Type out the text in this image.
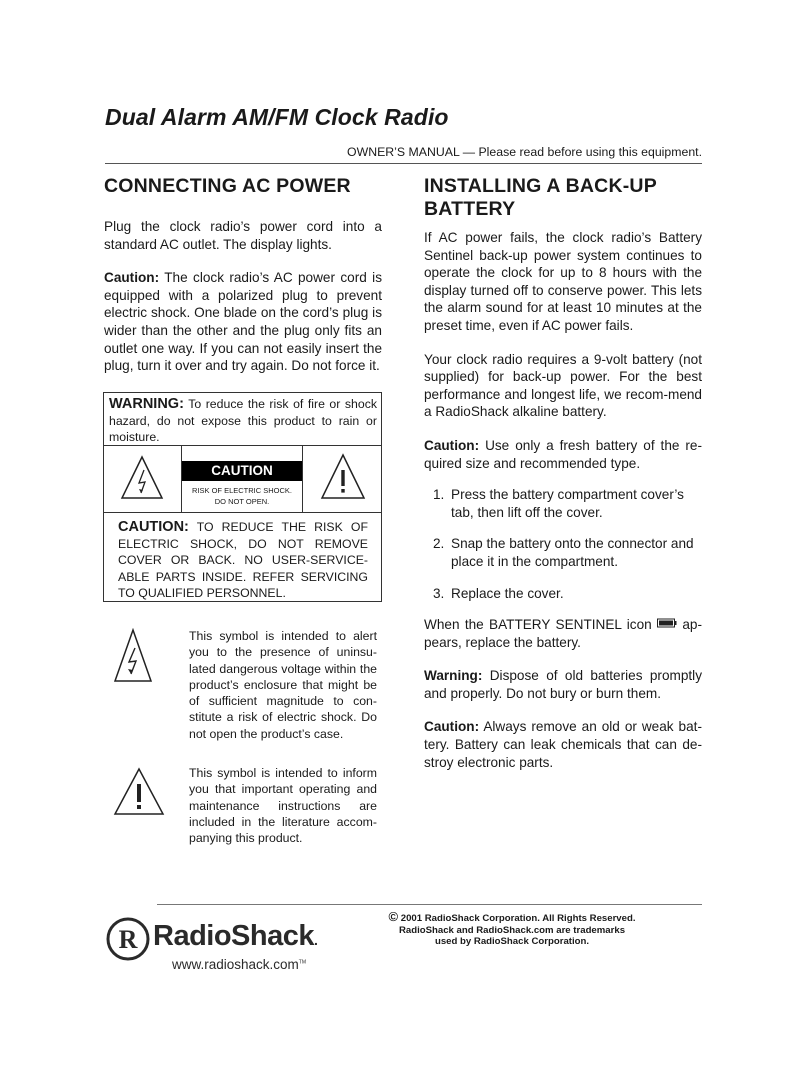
Dual Alarm AM/FM Clock Radio
OWNER’S MANUAL — Please read before using this equipment.
CONNECTING AC POWER

Plug the clock radio’s power cord into a standard AC outlet. The display lights.

Caution: The clock radio’s AC power cord is equipped with a polarized plug to prevent electric shock. One blade on the cord’s plug is wider than the other and the plug only fits an outlet one way. If you can not easily insert the plug, turn it over and try again. Do not force it.

WARNING: To reduce the risk of fire or shock hazard, do not expose this product to rain or moisture.
CAUTION
RISK OF ELECTRIC SHOCK.
DO NOT OPEN.
CAUTION: TO REDUCE THE RISK OF ELECTRIC SHOCK, DO NOT REMOVE COVER OR BACK. NO USER-SERVICE-ABLE PARTS INSIDE. REFER SERVICING TO QUALIFIED PERSONNEL.
This symbol is intended to alert you to the presence of uninsu-lated dangerous voltage within the product’s enclosure that might be of sufficient magnitude to con-stitute a risk of electric shock. Do not open the product’s case.
This symbol is intended to inform you that important operating and maintenance instructions are included in the literature accom-panying this product.
INSTALLING A BACK-UP BATTERY

If AC power fails, the clock radio’s Battery Sentinel back-up power system continues to operate the clock for up to 8 hours with the display turned off to conserve power. This lets the alarm sound for at least 10 minutes at the preset time, even if AC power fails.

Your clock radio requires a 9-volt battery (not supplied) for back-up power. For the best performance and longest life, we recom-mend a RadioShack alkaline battery.

Caution: Use only a fresh battery of the re-quired size and recommended type.

1. Press the battery compartment cover’s tab, then lift off the cover.
2. Snap the battery onto the connector and place it in the compartment.
3. Replace the cover.

When the BATTERY SENTINEL icon  ap-pears, replace the battery.

Warning: Dispose of old batteries promptly and properly. Do not bury or burn them.

Caution: Always remove an old or weak bat-tery. Battery can leak chemicals that can de-stroy electronic parts.

© 2001 RadioShack Corporation. All Rights Reserved.
RadioShack and RadioShack.com are trademarks
used by RadioShack Corporation.
R RadioShack.
www.radioshack.com™
